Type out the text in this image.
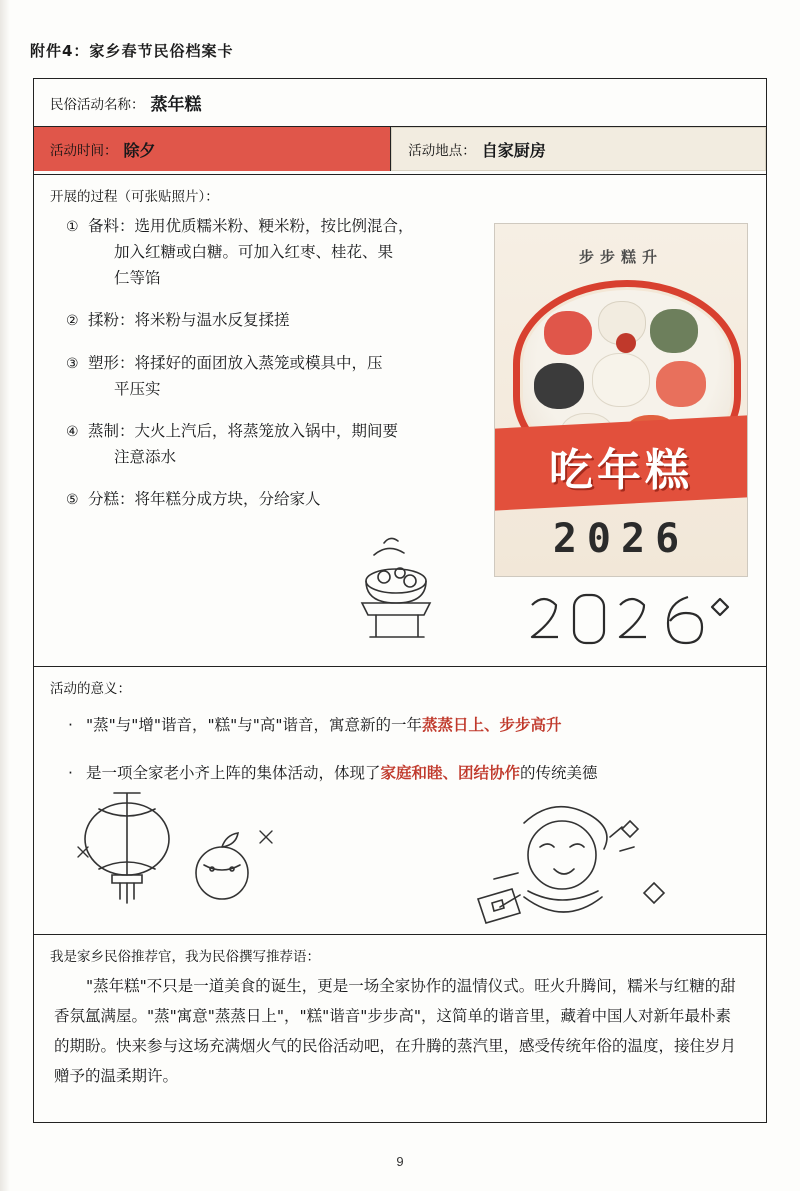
附件4：家乡春节民俗档案卡
民俗活动名称： 蒸年糕
活动时间： 除夕	活动地点： 自家厨房
开展的过程（可张贴照片）：
① 备料：选用优质糯米粉、粳米粉，按比例混合，
加入红糖或白糖。可加入红枣、桂花、果
仁等馅
② 揉粉：将米粉与温水反复揉搓
③ 塑形：将揉好的面团放入蒸笼或模具中，压
平压实
④ 蒸制：大火上汽后，将蒸笼放入锅中，期间要
注意添水
⑤ 分糕：将年糕分成方块，分给家人
步步糕升
吃年糕
2026
活动的意义：
· "蒸"与"增"谐音，"糕"与"高"谐音，寓意新的一年蒸蒸日上、步步高升
· 是一项全家老小齐上阵的集体活动，体现了家庭和睦、团结协作的传统美德
我是家乡民俗推荐官，我为民俗撰写推荐语：
"蒸年糕"不只是一道美食的诞生，更是一场全家协作的温情仪式。旺火升腾间，糯米与红糖的甜香氛氲满屋。"蒸"寓意"蒸蒸日上"，"糕"谐音"步步高"，这简单的谐音里，藏着中国人对新年最朴素的期盼。快来参与这场充满烟火气的民俗活动吧，在升腾的蒸汽里，感受传统年俗的温度，接住岁月赠予的温柔期许。
9
